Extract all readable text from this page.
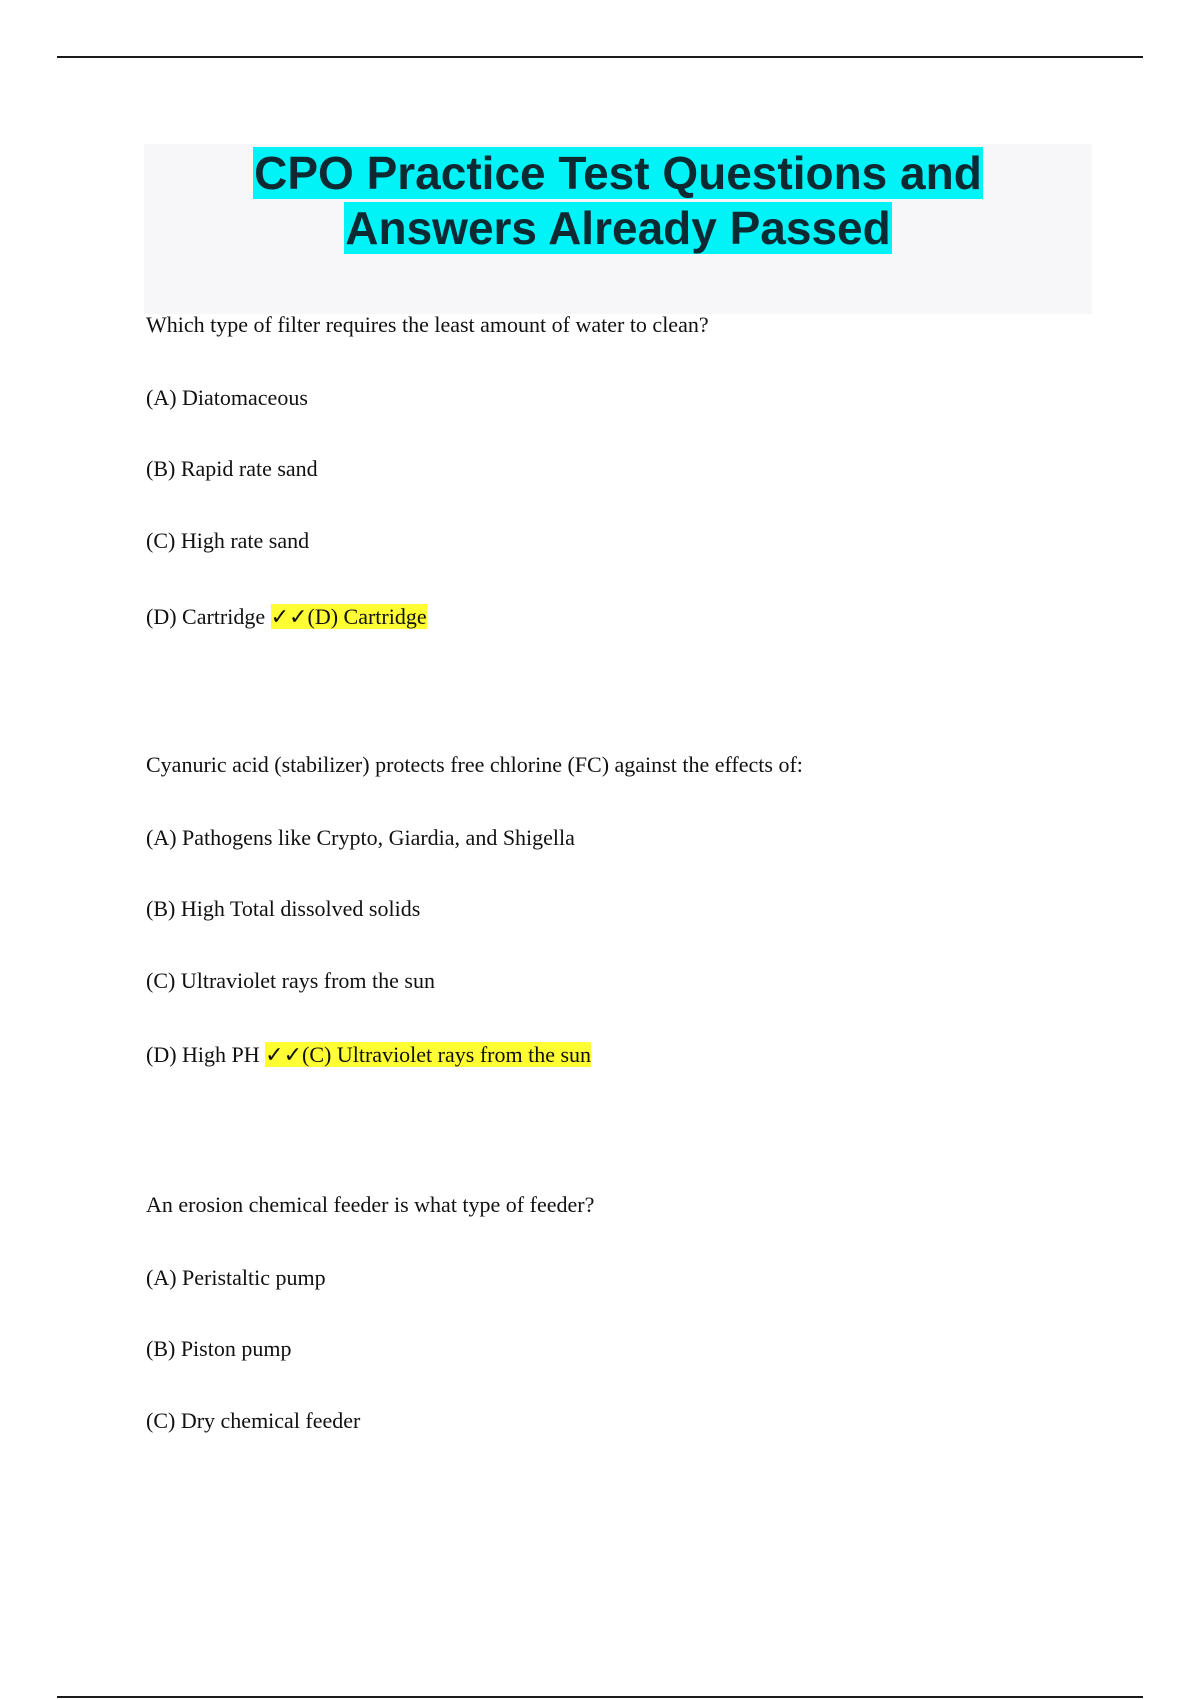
CPO Practice Test Questions and
Answers Already Passed
Which type of filter requires the least amount of water to clean?
(A) Diatomaceous
(B) Rapid rate sand
(C) High rate sand
(D) Cartridge ✓✓(D) Cartridge
Cyanuric acid (stabilizer) protects free chlorine (FC) against the effects of:
(A) Pathogens like Crypto, Giardia, and Shigella
(B) High Total dissolved solids
(C) Ultraviolet rays from the sun
(D) High PH ✓✓(C) Ultraviolet rays from the sun
An erosion chemical feeder is what type of feeder?
(A) Peristaltic pump
(B) Piston pump
(C) Dry chemical feeder
